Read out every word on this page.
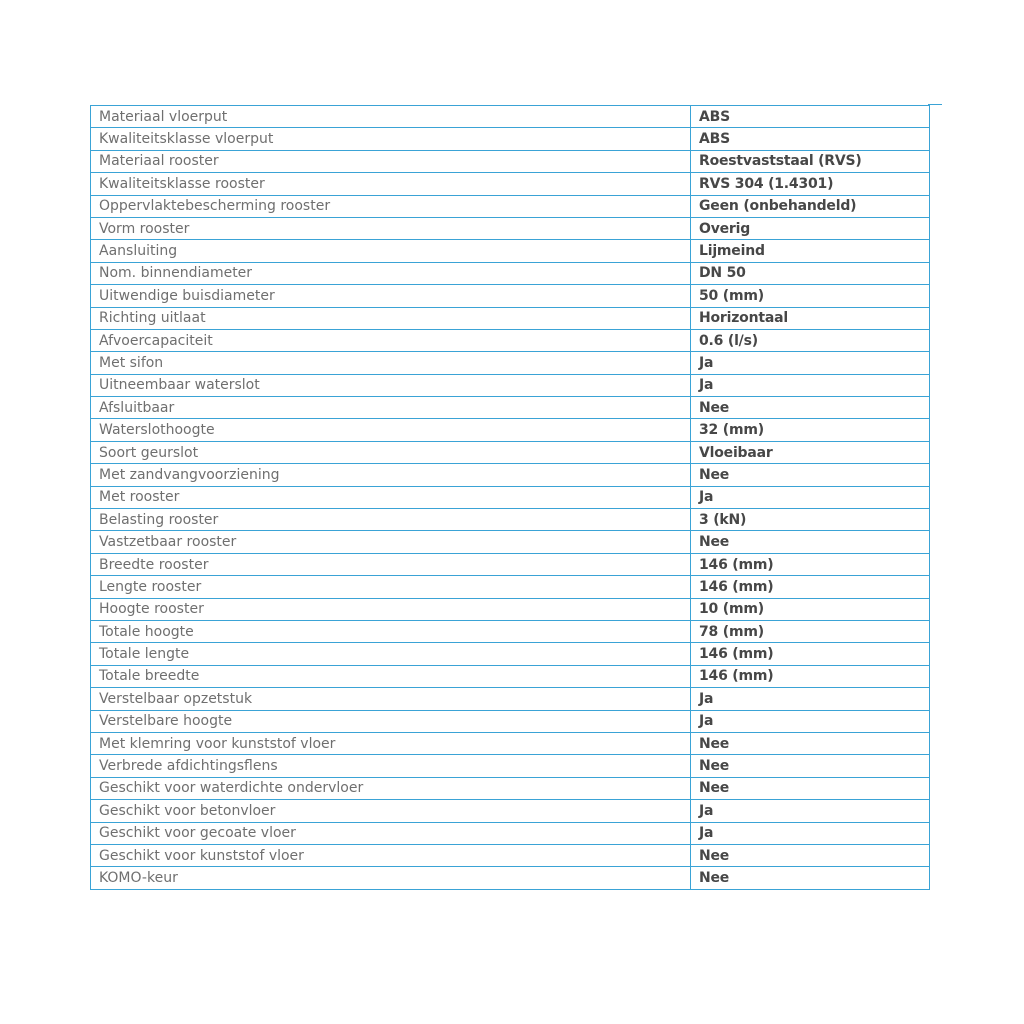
Materiaal vloerput	ABS
Kwaliteitsklasse vloerput	ABS
Materiaal rooster	Roestvaststaal (RVS)
Kwaliteitsklasse rooster	RVS 304 (1.4301)
Oppervlaktebescherming rooster	Geen (onbehandeld)
Vorm rooster	Overig
Aansluiting	Lijmeind
Nom. binnendiameter	DN 50
Uitwendige buisdiameter	50 (mm)
Richting uitlaat	Horizontaal
Afvoercapaciteit	0.6 (l/s)
Met sifon	Ja
Uitneembaar waterslot	Ja
Afsluitbaar	Nee
Waterslothoogte	32 (mm)
Soort geurslot	Vloeibaar
Met zandvangvoorziening	Nee
Met rooster	Ja
Belasting rooster	3 (kN)
Vastzetbaar rooster	Nee
Breedte rooster	146 (mm)
Lengte rooster	146 (mm)
Hoogte rooster	10 (mm)
Totale hoogte	78 (mm)
Totale lengte	146 (mm)
Totale breedte	146 (mm)
Verstelbaar opzetstuk	Ja
Verstelbare hoogte	Ja
Met klemring voor kunststof vloer	Nee
Verbrede afdichtingsflens	Nee
Geschikt voor waterdichte ondervloer	Nee
Geschikt voor betonvloer	Ja
Geschikt voor gecoate vloer	Ja
Geschikt voor kunststof vloer	Nee
KOMO-keur	Nee
